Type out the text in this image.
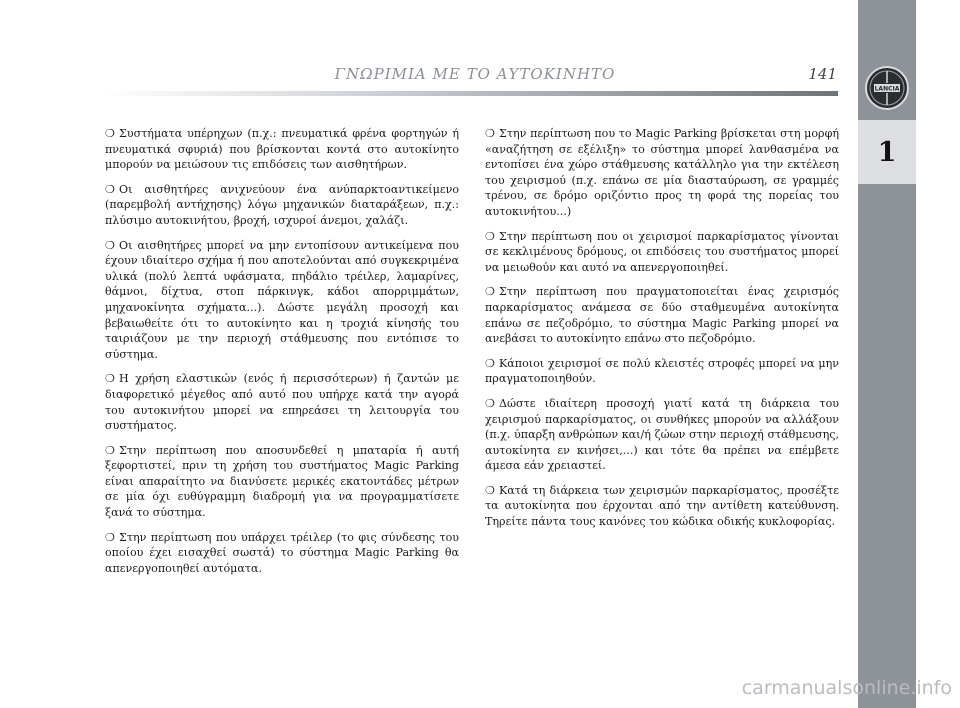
ΓΝΩΡΙΜΙΑ ΜΕ ΤΟ ΑΥΤΟΚΙΝΗΤΟ	141
LANCIA
1

❍ Συστήματα υπέρηχων (π.χ.: πνευματικά φρένα φορτηγών ή πνευματικά σφυριά) που βρίσκονται κοντά στο αυτοκίνητο μπορούν να μειώσουν τις επιδόσεις των αισθητήρων.

❍ Οι αισθητήρες ανιχνεύουν ένα ανύπαρκτοαντικείμενο (παρεμβολή αντήχησης) λόγω μηχανικών διαταράξεων, π.χ.: πλύσιμο αυτοκινήτου, βροχή, ισχυροί άνεμοι, χαλάζι.

❍ Οι αισθητήρες μπορεί να μην εντοπίσουν αντικείμενα που έχουν ιδιαίτερο σχήμα ή που αποτελούνται από συγκεκριμένα υλικά (πολύ λεπτά υφάσματα, πηδάλιο τρέιλερ, λαμαρίνες, θάμνοι, δίχτυα, στοπ πάρκινγκ, κάδοι απορριμμάτων, μηχανοκίνητα σχήματα...). Δώστε μεγάλη προσοχή και βεβαιωθείτε ότι το αυτοκίνητο και η τροχιά κίνησής του ταιριάζουν με την περιοχή στάθμευσης που εντόπισε το σύστημα.

❍ Η χρήση ελαστικών (ενός ή περισσότερων) ή ζαντών με διαφορετικό μέγεθος από αυτό που υπήρχε κατά την αγορά του αυτοκινήτου μπορεί να επηρεάσει τη λειτουργία του συστήματος.

❍ Στην περίπτωση που αποσυνδεθεί η μπαταρία ή αυτή ξεφορτιστεί, πριν τη χρήση του συστήματος Magic Parking είναι απαραίτητο να διανύσετε μερικές εκατοντάδες μέτρων σε μία όχι ευθύγραμμη διαδρομή για να προγραμματίσετε ξανά το σύστημα.

❍ Στην περίπτωση που υπάρχει τρέιλερ (το φις σύνδεσης του οποίου έχει εισαχθεί σωστά) το σύστημα Magic Parking θα απενεργοποιηθεί αυτόματα.

❍ Στην περίπτωση που το Magic Parking βρίσκεται στη μορφή «αναζήτηση σε εξέλιξη» το σύστημα μπορεί λανθασμένα να εντοπίσει ένα χώρο στάθμευσης κατάλληλο για την εκτέλεση του χειρισμού (π.χ. επάνω σε μία διασταύρωση, σε γραμμές τρένου, σε δρόμο οριζόντιο προς τη φορά της πορείας του αυτοκινήτου...)

❍ Στην περίπτωση που οι χειρισμοί παρκαρίσματος γίνονται σε κεκλιμένους δρόμους, οι επιδόσεις του συστήματος μπορεί να μειωθούν και αυτό να απενεργοποιηθεί.

❍ Στην περίπτωση που πραγματοποιείται ένας χειρισμός παρκαρίσματος ανάμεσα σε δύο σταθμευμένα αυτοκίνητα επάνω σε πεζοδρόμιο, το σύστημα Magic Parking μπορεί να ανεβάσει το αυτοκίνητο επάνω στο πεζοδρόμιο.

❍ Κάποιοι χειρισμοί σε πολύ κλειστές στροφές μπορεί να μην πραγματοποιηθούν.

❍ Δώστε ιδιαίτερη προσοχή γιατί κατά τη διάρκεια του χειρισμού παρκαρίσματος, οι συνθήκες μπορούν να αλλάξουν (π.χ. ύπαρξη ανθρώπων και/ή ζώων στην περιοχή στάθμευσης, αυτοκίνητα εν κινήσει,...) και τότε θα πρέπει να επέμβετε άμεσα εάν χρειαστεί.

❍ Κατά τη διάρκεια των χειρισμών παρκαρίσματος, προσέξτε τα αυτοκίνητα που έρχονται από την αντίθετη κατεύθυνση. Τηρείτε πάντα τους κανόνες του κώδικα οδικής κυκλοφορίας.

carmanualsonline.info
